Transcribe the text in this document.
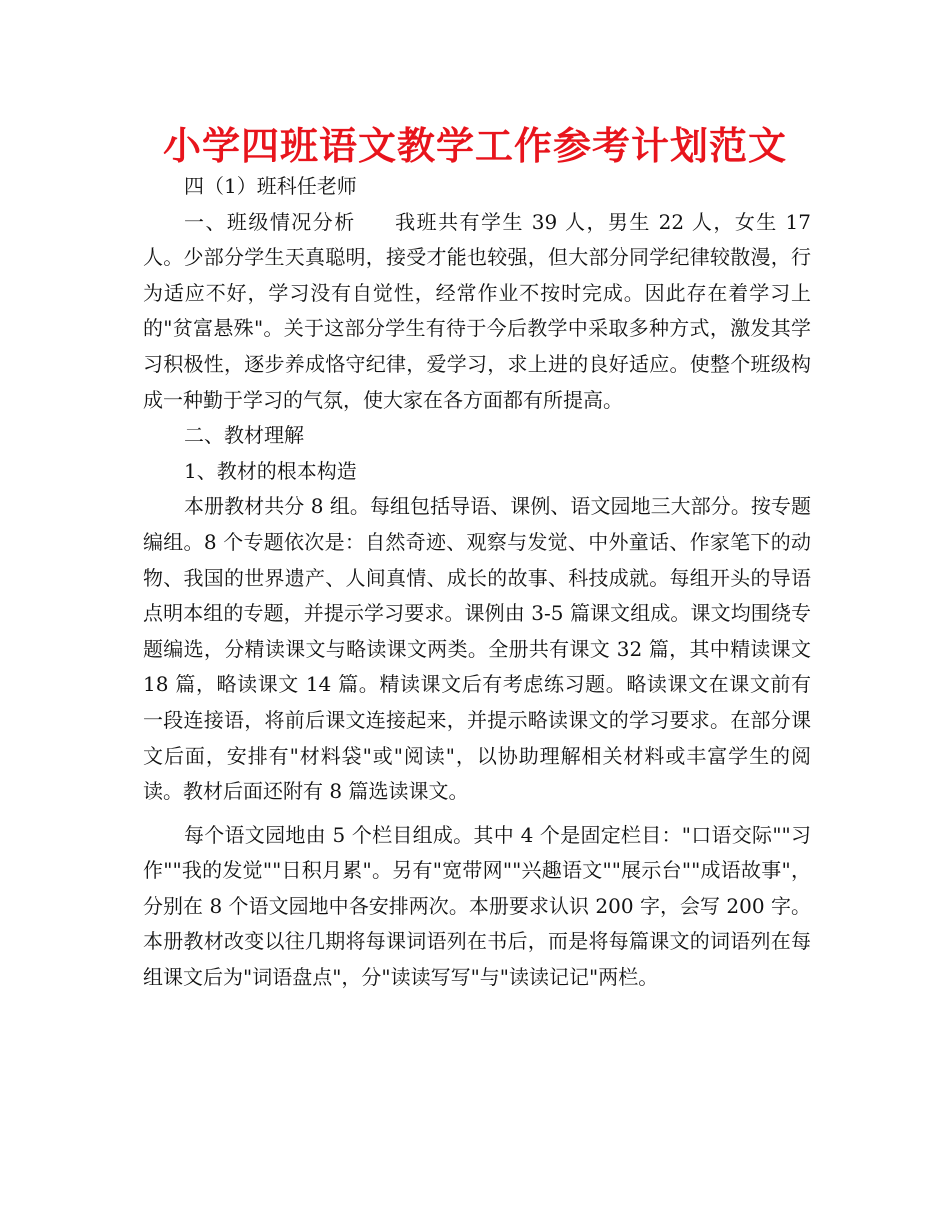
小学四班语文教学工作参考计划范文

四（1）班科任老师

一、班级情况分析 我班共有学生 39 人，男生 22 人，女生 17 人。少部分学生天真聪明，接受才能也较强，但大部分同学纪律较散漫，行为适应不好，学习没有自觉性，经常作业不按时完成。因此存在着学习上的"贫富悬殊"。关于这部分学生有待于今后教学中采取多种方式，激发其学习积极性，逐步养成恪守纪律，爱学习，求上进的良好适应。使整个班级构成一种勤于学习的气氛，使大家在各方面都有所提高。

二、教材理解

1、教材的根本构造

本册教材共分 8 组。每组包括导语、课例、语文园地三大部分。按专题编组。8 个专题依次是：自然奇迹、观察与发觉、中外童话、作家笔下的动物、我国的世界遗产、人间真情、成长的故事、科技成就。每组开头的导语点明本组的专题，并提示学习要求。课例由 3-5 篇课文组成。课文均围绕专题编选，分精读课文与略读课文两类。全册共有课文 32 篇，其中精读课文 18 篇，略读课文 14 篇。精读课文后有考虑练习题。略读课文在课文前有一段连接语，将前后课文连接起来，并提示略读课文的学习要求。在部分课文后面，安排有"材料袋"或"阅读"，以协助理解相关材料或丰富学生的阅读。教材后面还附有 8 篇选读课文。

每个语文园地由 5 个栏目组成。其中 4 个是固定栏目："口语交际""习作""我的发觉""日积月累"。另有"宽带网""兴趣语文""展示台""成语故事"，分别在 8 个语文园地中各安排两次。本册要求认识 200 字，会写 200 字。本册教材改变以往几期将每课词语列在书后，而是将每篇课文的词语列在每组课文后为"词语盘点"，分"读读写写"与"读读记记"两栏。
